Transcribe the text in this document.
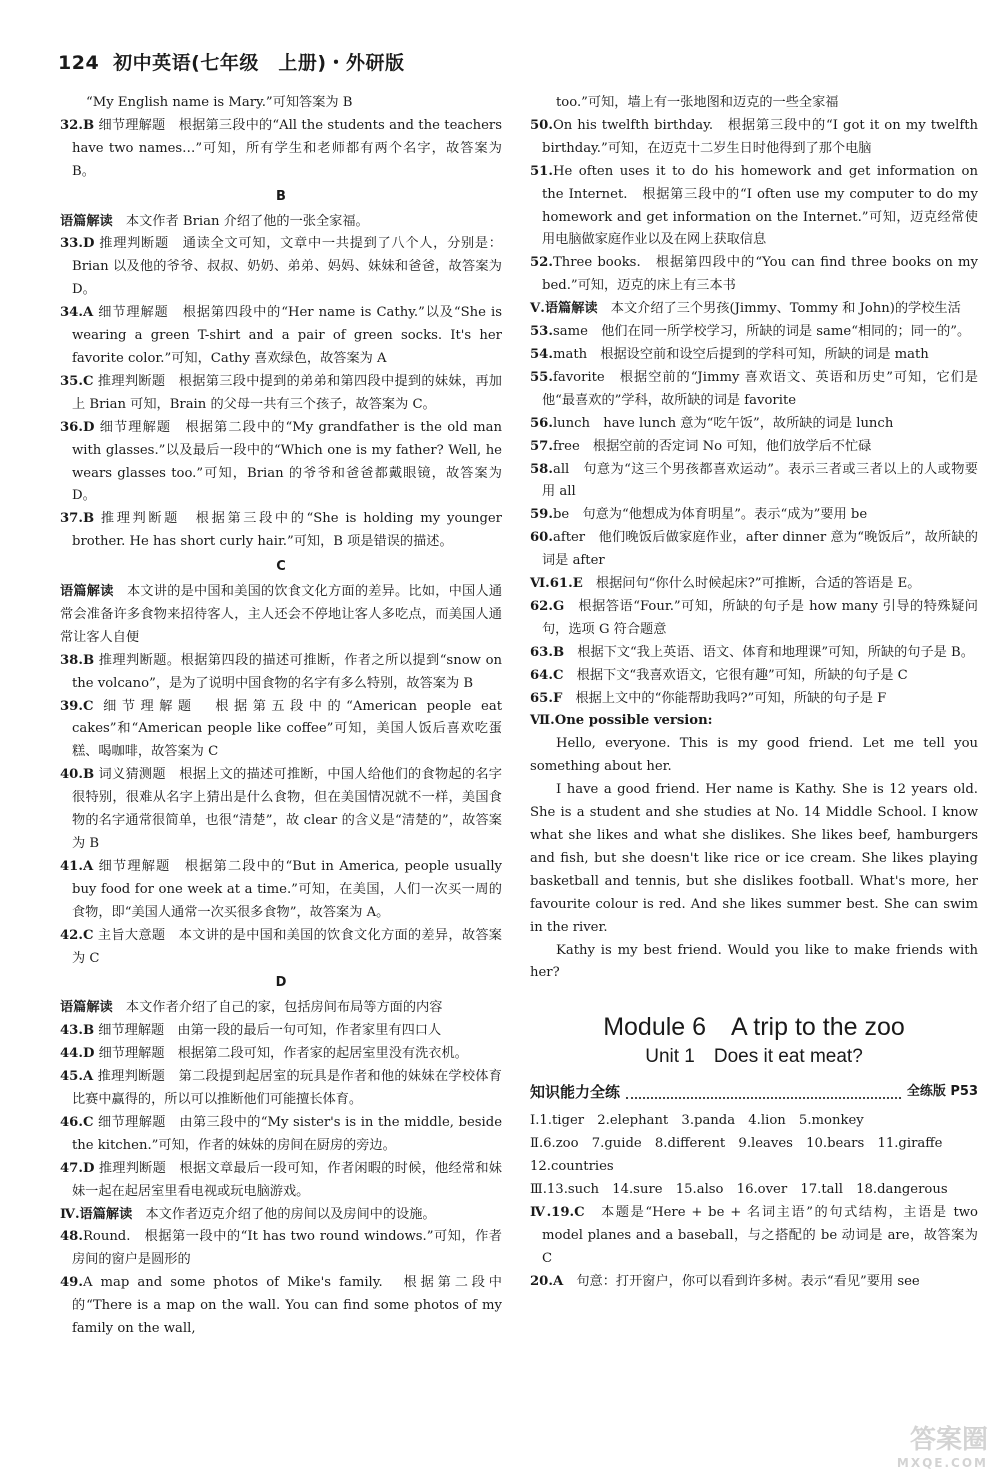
124 初中英语(七年级　上册)・外研版

“My English name is Mary.”可知答案为 B

32.B 细节理解题　根据第三段中的“All the students and the teachers have two names…”可知，所有学生和老师都有两个名字，故答案为 B。

B

语篇解读　本文作者 Brian 介绍了他的一张全家福。

33.D 推理判断题　通读全文可知，文章中一共提到了八个人，分别是：Brian 以及他的爷爷、叔叔、奶奶、弟弟、妈妈、妹妹和爸爸，故答案为 D。

34.A 细节理解题　根据第四段中的“Her name is Cathy.”以及“She is wearing a green T-shirt and a pair of green socks. It's her favorite color.”可知，Cathy 喜欢绿色，故答案为 A

35.C 推理判断题　根据第三段中提到的弟弟和第四段中提到的妹妹，再加上 Brian 可知，Brain 的父母一共有三个孩子，故答案为 C。

36.D 细节理解题　根据第二段中的“My grandfather is the old man with glasses.”以及最后一段中的“Which one is my father? Well, he wears glasses too.”可知，Brian 的爷爷和爸爸都戴眼镜，故答案为 D。

37.B 推理判断题　根据第三段中的“She is holding my younger brother. He has short curly hair.”可知，B 项是错误的描述。

C

语篇解读　本文讲的是中国和美国的饮食文化方面的差异。比如，中国人通常会准备许多食物来招待客人，主人还会不停地让客人多吃点，而美国人通常让客人自便

38.B 推理判断题。根据第四段的描述可推断，作者之所以提到“snow on the volcano”，是为了说明中国食物的名字有多么特别，故答案为 B

39.C 细节理解题　根据第五段中的“American people eat cakes”和“American people like coffee”可知，美国人饭后喜欢吃蛋糕、喝咖啡，故答案为 C

40.B 词义猜测题　根据上文的描述可推断，中国人给他们的食物起的名字很特别，很难从名字上猜出是什么食物，但在美国情况就不一样，美国食物的名字通常很简单，也很“清楚”，故 clear 的含义是“清楚的”，故答案为 B

41.A 细节理解题　根据第二段中的“But in America, people usually buy food for one week at a time.”可知，在美国，人们一次买一周的食物，即“美国人通常一次买很多食物”，故答案为 A。

42.C 主旨大意题　本文讲的是中国和美国的饮食文化方面的差异，故答案为 C

D

语篇解读　本文作者介绍了自己的家，包括房间布局等方面的内容

43.B 细节理解题　由第一段的最后一句可知，作者家里有四口人

44.D 细节理解题　根据第二段可知，作者家的起居室里没有洗衣机。

45.A 推理判断题　第二段提到起居室的玩具是作者和他的妹妹在学校体育比赛中赢得的，所以可以推断他们可能擅长体育。

46.C 细节理解题　由第三段中的“My sister's is in the middle, beside the kitchen.”可知，作者的妹妹的房间在厨房的旁边。

47.D 推理判断题　根据文章最后一段可知，作者闲暇的时候，他经常和妹妹一起在起居室里看电视或玩电脑游戏。

Ⅳ.语篇解读　本文作者迈克介绍了他的房间以及房间中的设施。

48.Round.　根据第一段中的“It has two round windows.”可知，作者房间的窗户是圆形的

49.A map and some photos of Mike's family.　根据第二段中的“There is a map on the wall. You can find some photos of my family on the wall,

too.”可知，墙上有一张地图和迈克的一些全家福

50.On his twelfth birthday.　根据第三段中的“I got it on my twelfth birthday.”可知，在迈克十二岁生日时他得到了那个电脑

51.He often uses it to do his homework and get information on the Internet.　根据第三段中的“I often use my computer to do my homework and get information on the Internet.”可知，迈克经常使用电脑做家庭作业以及在网上获取信息

52.Three books.　根据第四段中的“You can find three books on my bed.”可知，迈克的床上有三本书

Ⅴ.语篇解读　本文介绍了三个男孩(Jimmy、Tommy 和 John)的学校生活

53.same　他们在同一所学校学习，所缺的词是 same“相同的；同一的”。

54.math　根据设空前和设空后提到的学科可知，所缺的词是 math

55.favorite　根据空前的“Jimmy 喜欢语文、英语和历史”可知，它们是他“最喜欢的”学科，故所缺的词是 favorite

56.lunch　have lunch 意为“吃午饭”，故所缺的词是 lunch

57.free　根据空前的否定词 No 可知，他们放学后不忙碌

58.all　句意为“这三个男孩都喜欢运动”。表示三者或三者以上的人或物要用 all

59.be　句意为“他想成为体育明星”。表示“成为”要用 be

60.after　他们晚饭后做家庭作业，after dinner 意为“晚饭后”，故所缺的词是 after

Ⅵ.61.E　根据问句“你什么时候起床?”可推断，合适的答语是 E。

62.G　根据答语“Four.”可知，所缺的句子是 how many 引导的特殊疑问句，选项 G 符合题意

63.B　根据下文“我上英语、语文、体育和地理课”可知，所缺的句子是 B。

64.C　根据下文“我喜欢语文，它很有趣”可知，所缺的句子是 C

65.F　根据上文中的“你能帮助我吗?”可知，所缺的句子是 F

Ⅶ.One possible version:

Hello, everyone. This is my good friend. Let me tell you something about her.

I have a good friend. Her name is Kathy. She is 12 years old. She is a student and she studies at No. 14 Middle School. I know what she likes and what she dislikes. She likes beef, hamburgers and fish, but she doesn't like rice or ice cream. She likes playing basketball and tennis, but she dislikes football. What's more, her favourite colour is red. And she likes summer best. She can swim in the river.

Kathy is my best friend. Would you like to make friends with her?

Module 6　A trip to the zoo
Unit 1　Does it eat meat?
知识能力全练	全练版 P53

Ⅰ.1.tiger　2.elephant　3.panda　4.lion　5.monkey

Ⅱ.6.zoo　7.guide　8.different　9.leaves　10.bears　11.giraffe

12.countries

Ⅲ.13.such　14.sure　15.also　16.over　17.tall　18.dangerous

Ⅳ.19.C　本题是“Here + be + 名词主语”的句式结构，主语是 two model planes and a baseball，与之搭配的 be 动词是 are，故答案为 C

20.A　句意：打开窗户，你可以看到许多树。表示“看见”要用 see

答案圈
MXQE.COM
